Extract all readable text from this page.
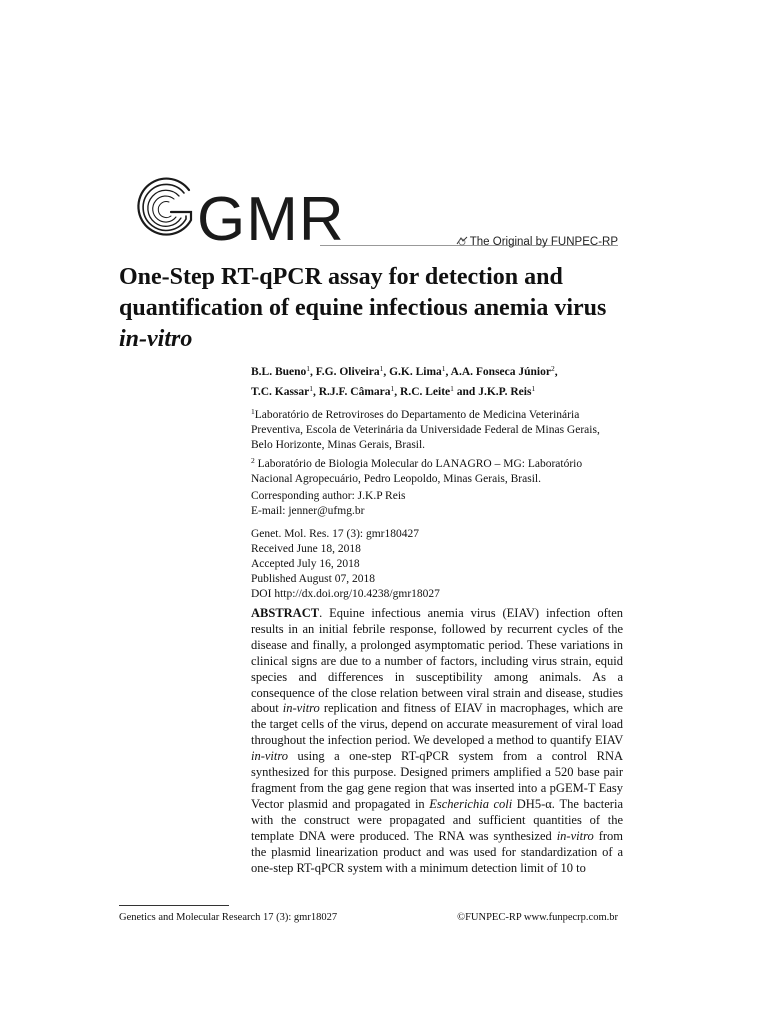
GMR	The Original by FUNPEC-RP
One-Step RT-qPCR assay for detection and quantification of equine infectious anemia virus in-vitro
B.L. Bueno$^1$, F.G. Oliveira$^1$, G.K. Lima$^1$, A.A. Fonseca Júnior$^2$,
T.C. Kassar$^1$, R.J.F. Câmara$^1$, R.C. Leite$^1$ and J.K.P. Reis$^1$
$^1$Laboratório de Retroviroses do Departamento de Medicina Veterinária Preventiva, Escola de Veterinária da Universidade Federal de Minas Gerais, Belo Horizonte, Minas Gerais, Brasil.
$^2$ Laboratório de Biologia Molecular do LANAGRO – MG: Laboratório Nacional Agropecuário, Pedro Leopoldo, Minas Gerais, Brasil.
Corresponding author: J.K.P Reis
E-mail: jenner@ufmg.br
Genet. Mol. Res. 17 (3): gmr180427
Received June 18, 2018
Accepted July 16, 2018
Published August 07, 2018
DOI http://dx.doi.org/10.4238/gmr18027
ABSTRACT. Equine infectious anemia virus (EIAV) infection often results in an initial febrile response, followed by recurrent cycles of the disease and finally, a prolonged asymptomatic period. These variations in clinical signs are due to a number of factors, including virus strain, equid species and differences in susceptibility among animals. As a consequence of the close relation between viral strain and disease, studies about in-vitro replication and fitness of EIAV in macrophages, which are the target cells of the virus, depend on accurate measurement of viral load throughout the infection period. We developed a method to quantify EIAV in-vitro using a one-step RT-qPCR system from a control RNA synthesized for this purpose. Designed primers amplified a 520 base pair fragment from the gag gene region that was inserted into a pGEM-T Easy Vector plasmid and propagated in Escherichia coli DH5-α. The bacteria with the construct were propagated and sufficient quantities of the template DNA were produced. The RNA was synthesized in-vitro from the plasmid linearization product and was used for standardization of a one-step RT-qPCR system with a minimum detection limit of 10 to
Genetics and Molecular Research 17 (3): gmr18027	©FUNPEC-RP www.funpecrp.com.br
